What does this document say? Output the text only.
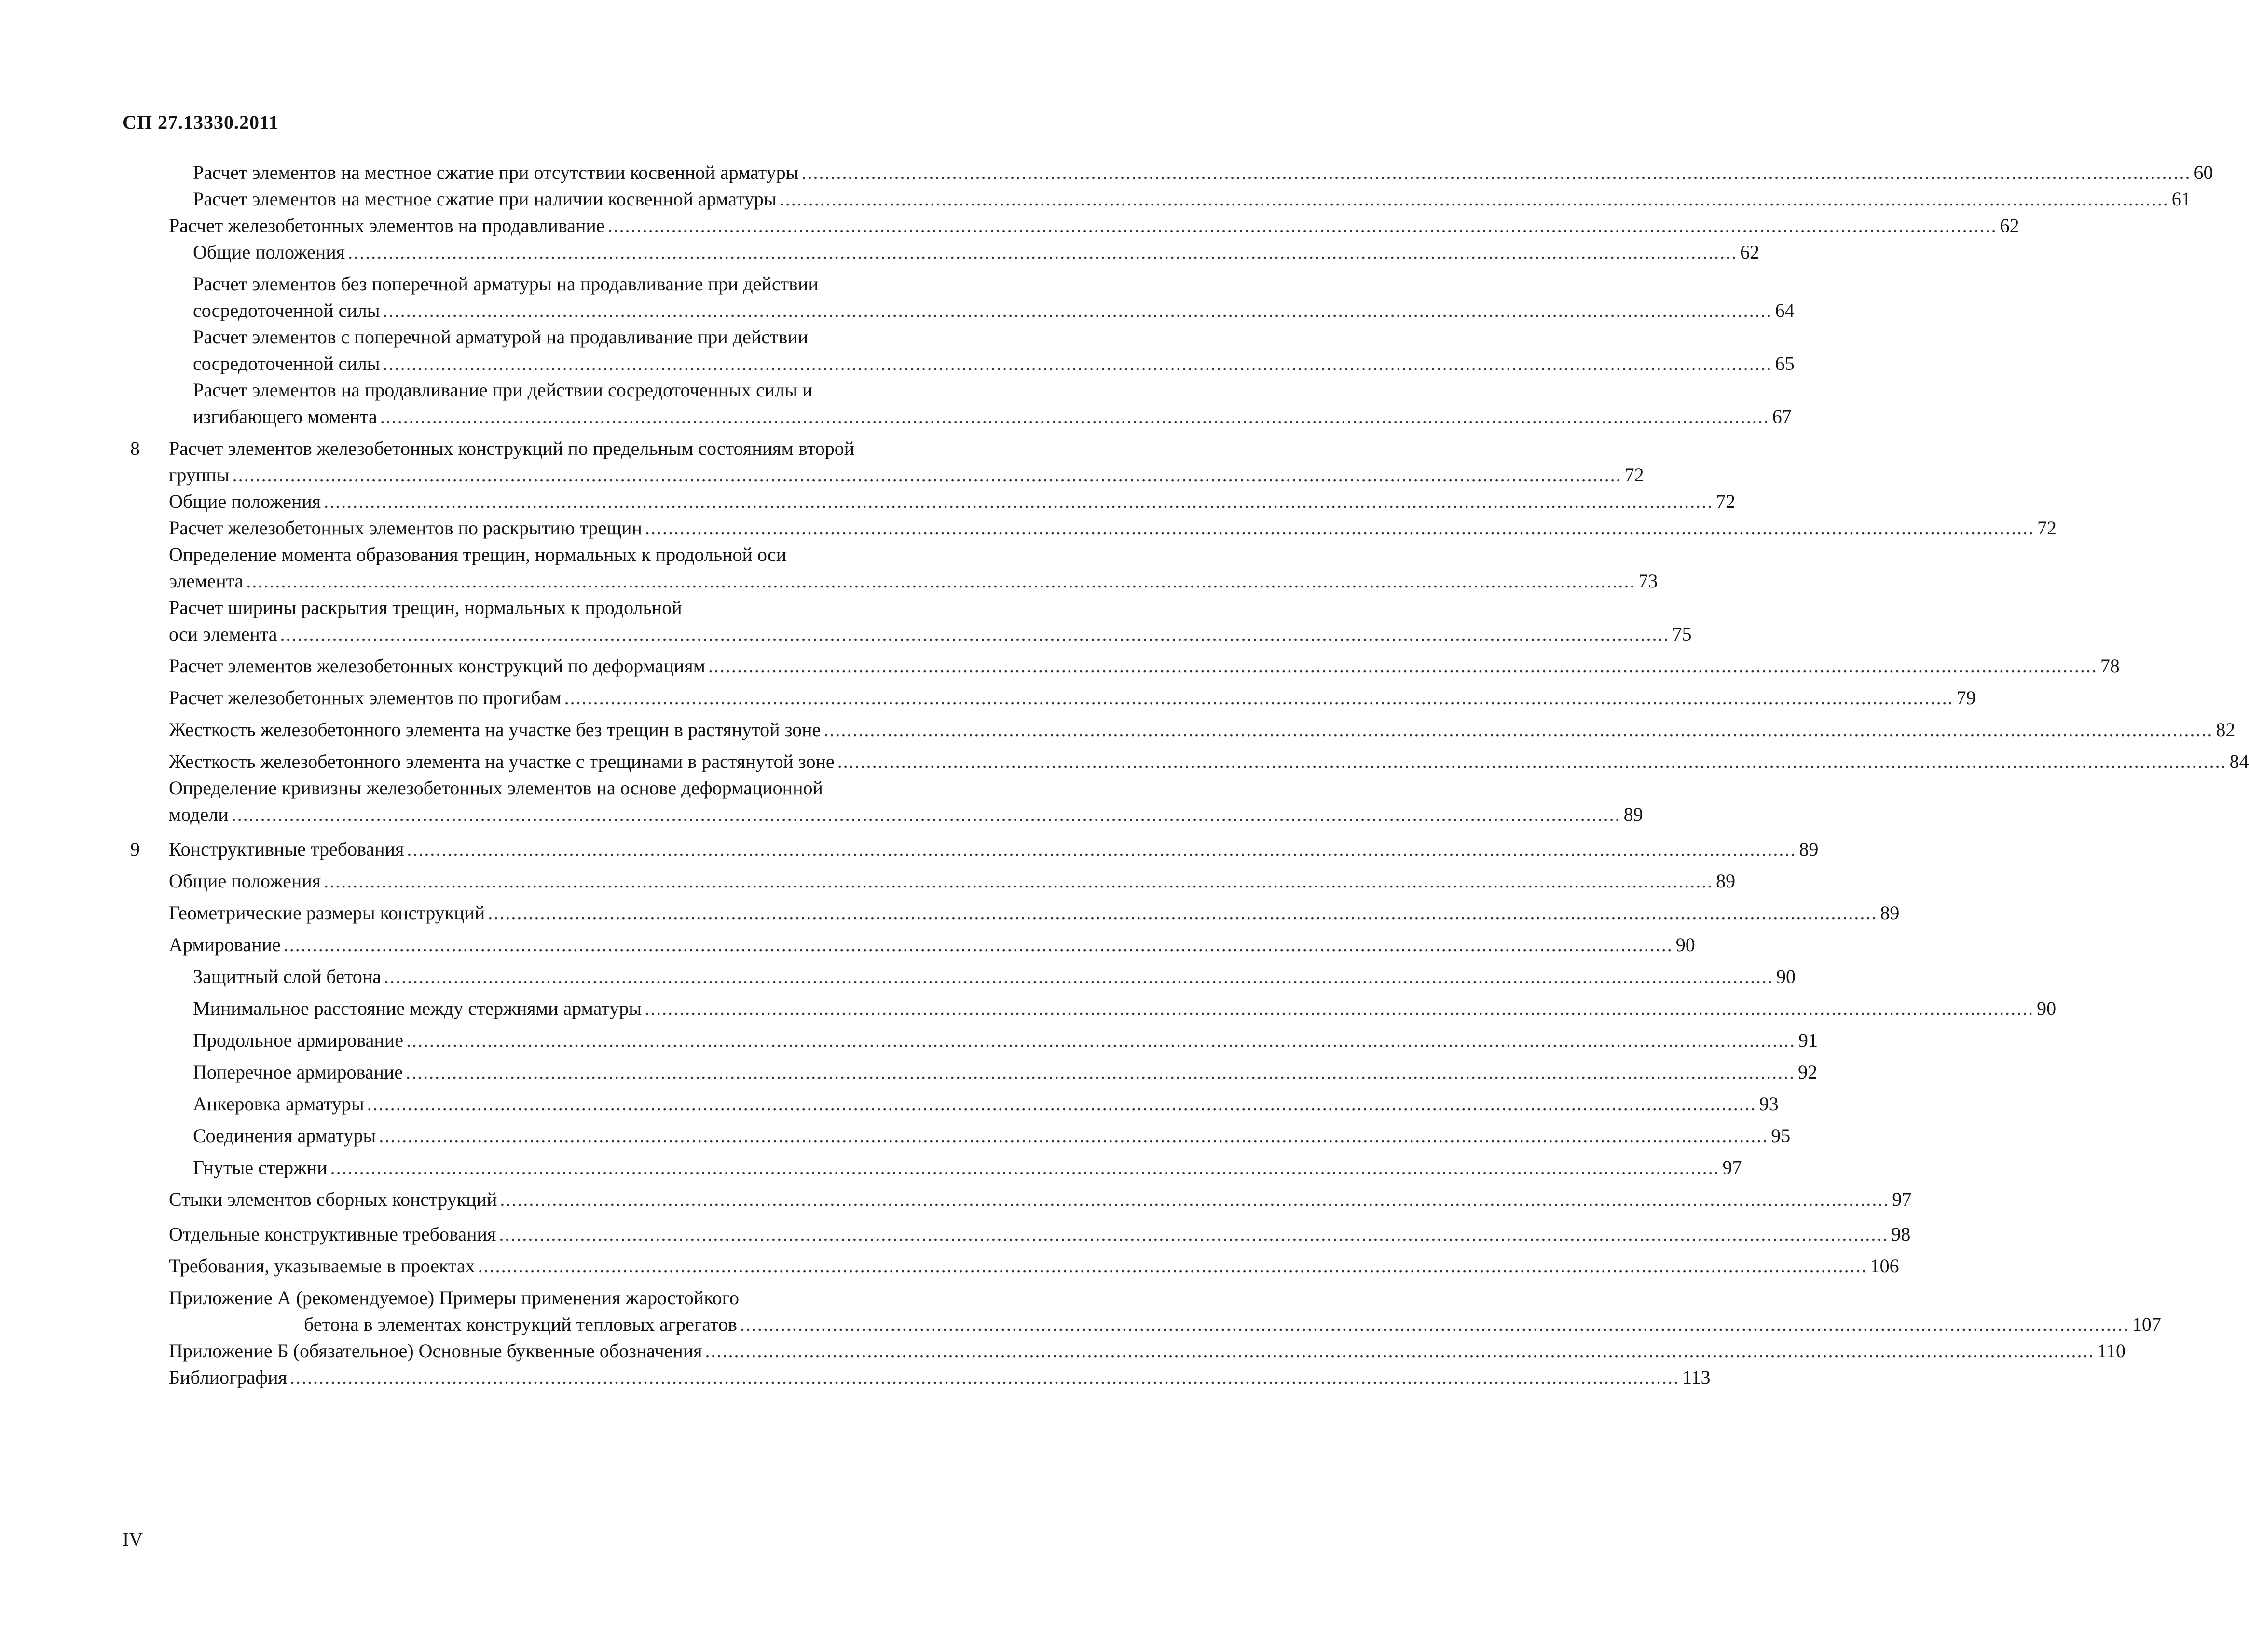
СП 27.13330.2011
Расчет элементов на местное сжатие при отсутствии косвенной арматуры ................................................................................................................................................................................................................................................ 60
Расчет элементов на местное сжатие при наличии косвенной арматуры ................................................................................................................................................................................................................................................ 61
Расчет железобетонных элементов на продавливание ................................................................................................................................................................................................................................................ 62
Общие положения ................................................................................................................................................................................................................................................ 62
Расчет элементов без поперечной арматуры на продавливание при действии
сосредоточенной силы ................................................................................................................................................................................................................................................ 64
Расчет элементов с поперечной арматурой на продавливание при действии
сосредоточенной силы ................................................................................................................................................................................................................................................ 65
Расчет элементов на продавливание при действии сосредоточенных силы и
изгибающего момента ................................................................................................................................................................................................................................................ 67
8 Расчет элементов железобетонных конструкций по предельным состояниям второй
группы ................................................................................................................................................................................................................................................ 72
Общие положения ................................................................................................................................................................................................................................................ 72
Расчет железобетонных элементов по раскрытию трещин ................................................................................................................................................................................................................................................ 72
Определение момента образования трещин, нормальных к продольной оси
элемента ................................................................................................................................................................................................................................................ 73
Расчет ширины раскрытия трещин, нормальных к продольной
оси элемента ................................................................................................................................................................................................................................................ 75
Расчет элементов железобетонных конструкций по деформациям ................................................................................................................................................................................................................................................ 78
Расчет железобетонных элементов по прогибам ................................................................................................................................................................................................................................................ 79
Жесткость железобетонного элемента на участке без трещин в растянутой зоне ................................................................................................................................................................................................................................................ 82
Жесткость железобетонного элемента на участке с трещинами в растянутой зоне ................................................................................................................................................................................................................................................ 84
Определение кривизны железобетонных элементов на основе деформационной
модели ................................................................................................................................................................................................................................................ 89
9 Конструктивные требования ................................................................................................................................................................................................................................................ 89
Общие положения ................................................................................................................................................................................................................................................ 89
Геометрические размеры конструкций ................................................................................................................................................................................................................................................ 89
Армирование ................................................................................................................................................................................................................................................ 90
Защитный слой бетона ................................................................................................................................................................................................................................................ 90
Минимальное расстояние между стержнями арматуры ................................................................................................................................................................................................................................................ 90
Продольное армирование ................................................................................................................................................................................................................................................ 91
Поперечное армирование ................................................................................................................................................................................................................................................ 92
Анкеровка арматуры ................................................................................................................................................................................................................................................ 93
Соединения арматуры ................................................................................................................................................................................................................................................ 95
Гнутые стержни ................................................................................................................................................................................................................................................ 97
Стыки элементов сборных конструкций ................................................................................................................................................................................................................................................ 97
Отдельные конструктивные требования ................................................................................................................................................................................................................................................ 98
Требования, указываемые в проектах ................................................................................................................................................................................................................................................ 106
Приложение А (рекомендуемое) Примеры применения жаростойкого
бетона в элементах конструкций тепловых агрегатов ................................................................................................................................................................................................................................................ 107
Приложение Б (обязательное) Основные буквенные обозначения ................................................................................................................................................................................................................................................ 110
Библиография ................................................................................................................................................................................................................................................ 113
IV
